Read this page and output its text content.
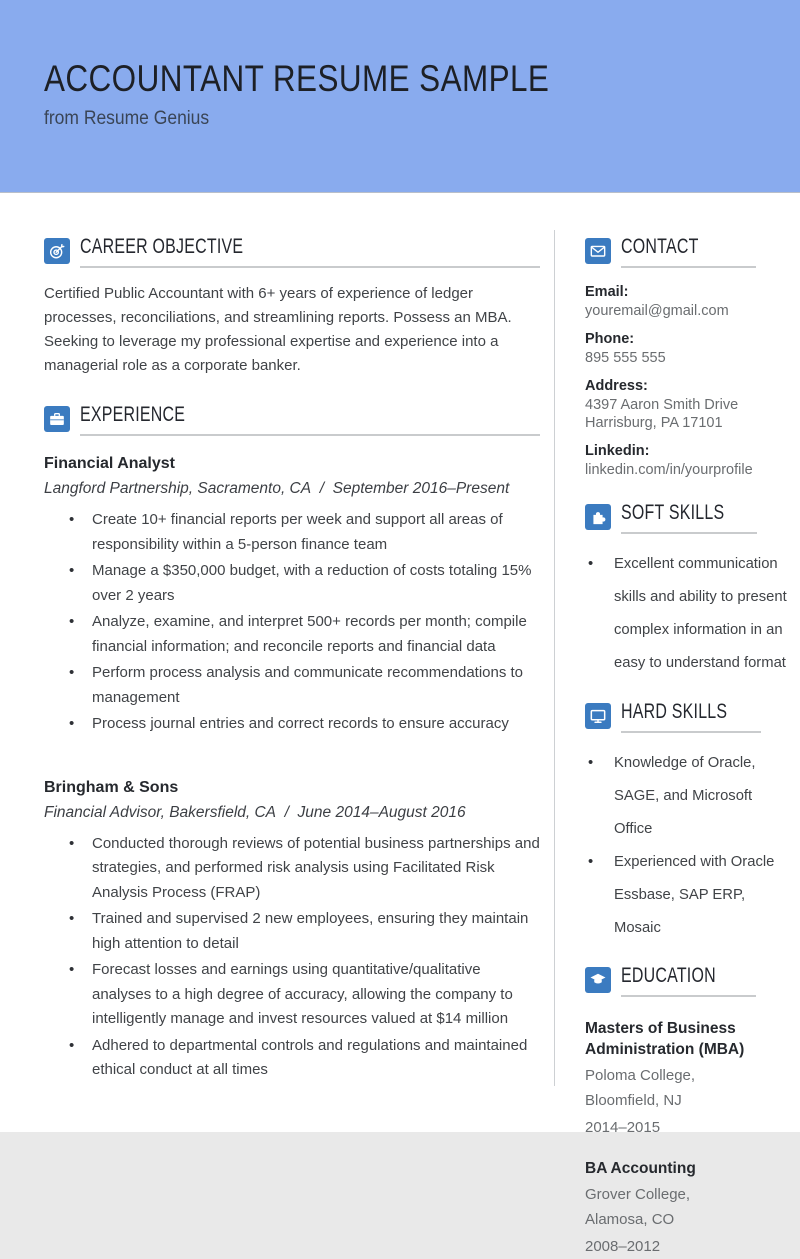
ACCOUNTANT RESUME SAMPLE
from Resume Genius
CAREER OBJECTIVE

Certified Public Accountant with 6+ years of experience of ledger processes, reconciliations, and streamlining reports. Possess an MBA. Seeking to leverage my professional expertise and experience into a managerial role as a corporate banker.

EXPERIENCE
Financial Analyst
Langford Partnership, Sacramento, CA  /  September 2016–Present
• Create 10+ financial reports per week and support all areas of responsibility within a 5-person finance team
• Manage a $350,000 budget, with a reduction of costs totaling 15% over 2 years
• Analyze, examine, and interpret 500+ records per month; compile financial information; and reconcile reports and financial data
• Perform process analysis and communicate recommendations to management
• Process journal entries and correct records to ensure accuracy
Bringham & Sons
Financial Advisor, Bakersfield, CA  /  June 2014–August 2016
• Conducted thorough reviews of potential business partnerships and strategies, and performed risk analysis using Facilitated Risk Analysis Process (FRAP)
• Trained and supervised 2 new employees, ensuring they maintain high attention to detail
• Forecast losses and earnings using quantitative/qualitative analyses to a high degree of accuracy, allowing the company to intelligently manage and invest resources valued at $14 million
• Adhered to departmental controls and regulations and maintained ethical conduct at all times
CONTACT
Email:
youremail@gmail.com
Phone:
895 555 555
Address:
4397 Aaron Smith Drive
Harrisburg, PA 17101
Linkedin:
linkedin.com/in/yourprofile
SOFT SKILLS
• Excellent communication skills and ability to present complex information in an easy to understand format
HARD SKILLS
• Knowledge of Oracle, SAGE, and Microsoft Office
• Experienced with Oracle Essbase, SAP ERP, Mosaic
EDUCATION
Masters of Business Administration (MBA)
Poloma College,
Bloomfield, NJ
2014–2015
BA Accounting
Grover College,
Alamosa, CO
2008–2012
